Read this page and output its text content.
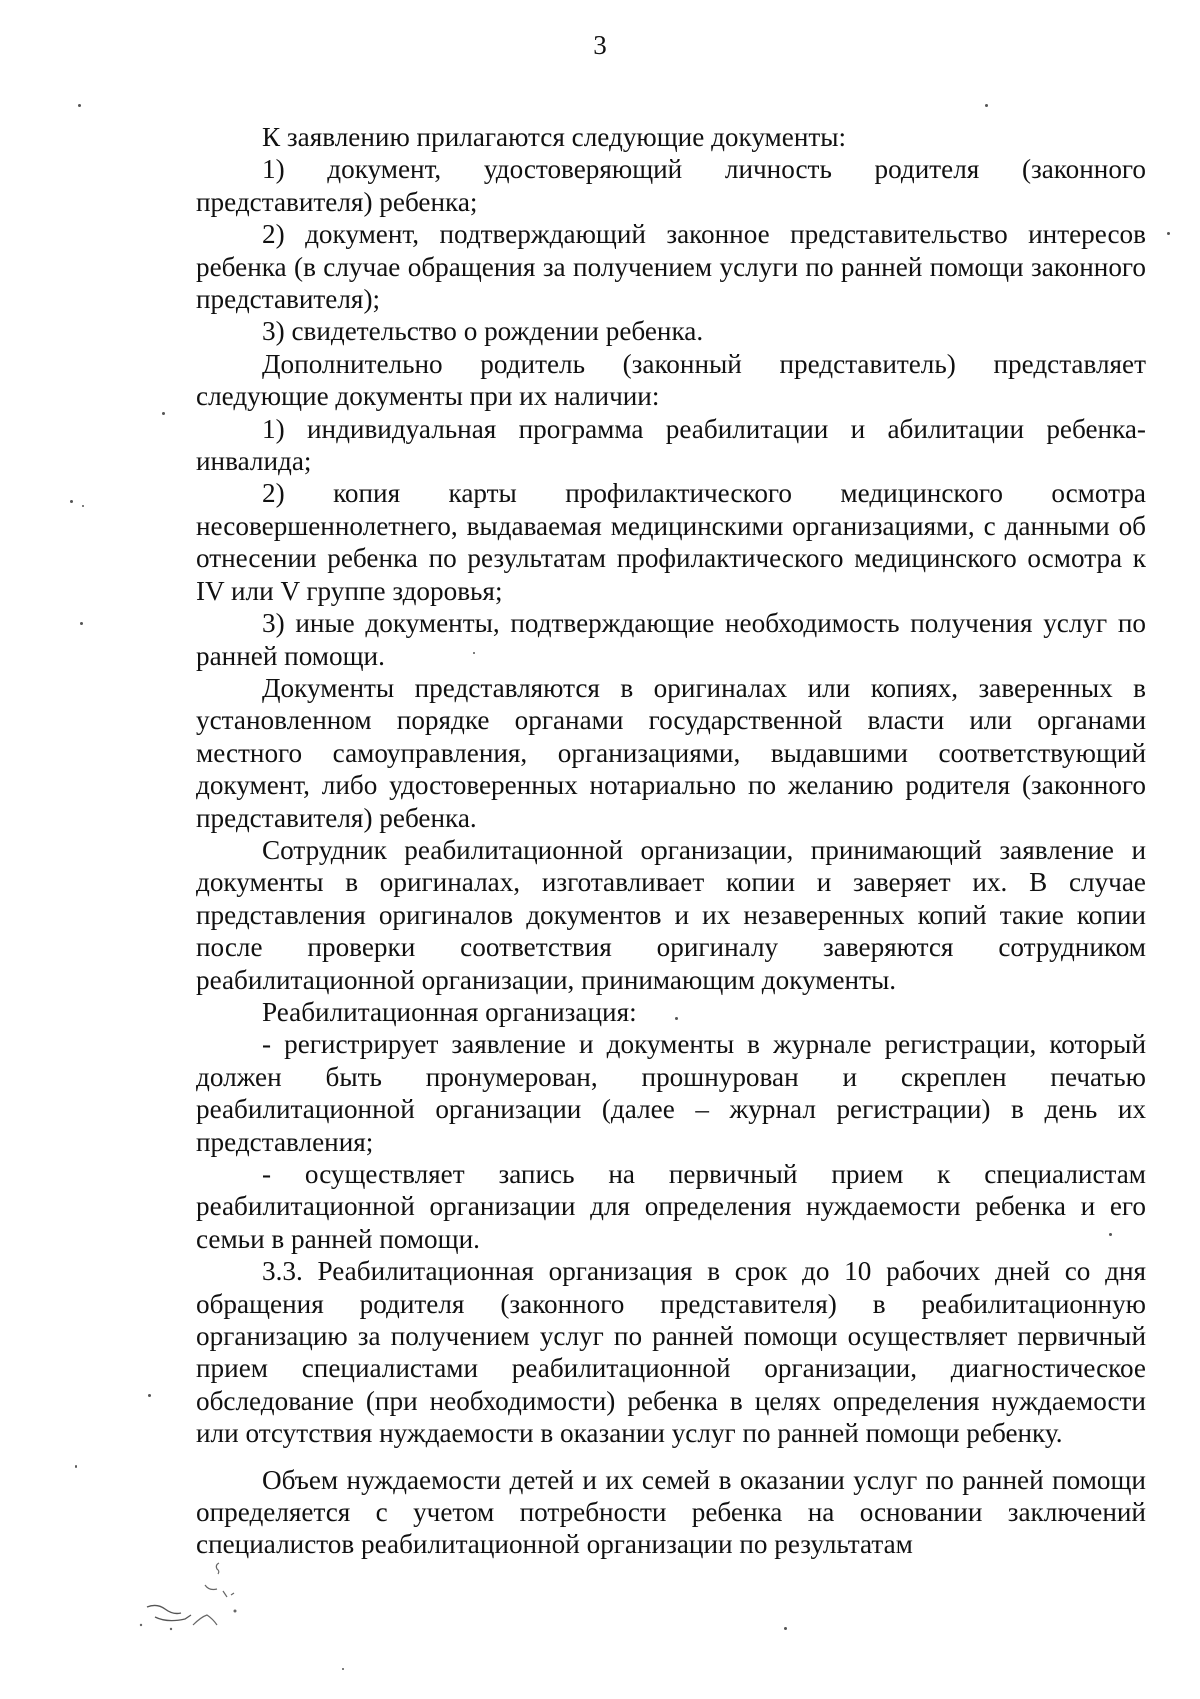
3

К заявлению прилагаются следующие документы:

1) документ, удостоверяющий личность родителя (законного представителя) ребенка;

2) документ, подтверждающий законное представительство интересов ребенка (в случае обращения за получением услуги по ранней помощи законного представителя);

3) свидетельство о рождении ребенка.

Дополнительно родитель (законный представитель) представляет следующие документы при их наличии:

1) индивидуальная программа реабилитации и абилитации ребенка-инвалида;

2) копия карты профилактического медицинского осмотра несовершеннолетнего, выдаваемая медицинскими организациями, с данными об отнесении ребенка по результатам профилактического медицинского осмотра к IV или V группе здоровья;

3) иные документы, подтверждающие необходимость получения услуг по ранней помощи.

Документы представляются в оригиналах или копиях, заверенных в установленном порядке органами государственной власти или органами местного самоуправления, организациями, выдавшими соответствующий документ, либо удостоверенных нотариально по желанию родителя (законного представителя) ребенка.

Сотрудник реабилитационной организации, принимающий заявление и документы в оригиналах, изготавливает копии и заверяет их. В случае представления оригиналов документов и их незаверенных копий такие копии после проверки соответствия оригиналу заверяются сотрудником реабилитационной организации, принимающим документы.

Реабилитационная организация:

- регистрирует заявление и документы в журнале регистрации, который должен быть пронумерован, прошнурован и скреплен печатью реабилитационной организации (далее – журнал регистрации) в день их представления;

- осуществляет запись на первичный прием к специалистам реабилитационной организации для определения нуждаемости ребенка и его семьи в ранней помощи.

3.3. Реабилитационная организация в срок до 10 рабочих дней со дня обращения родителя (законного представителя) в реабилитационную организацию за получением услуг по ранней помощи осуществляет первичный прием специалистами реабилитационной организации, диагностическое обследование (при необходимости) ребенка в целях определения нуждаемости или отсутствия нуждаемости в оказании услуг по ранней помощи ребенку.

Объем нуждаемости детей и их семей в оказании услуг по ранней помощи определяется с учетом потребности ребенка на основании заключений специалистов реабилитационной организации по результатам
